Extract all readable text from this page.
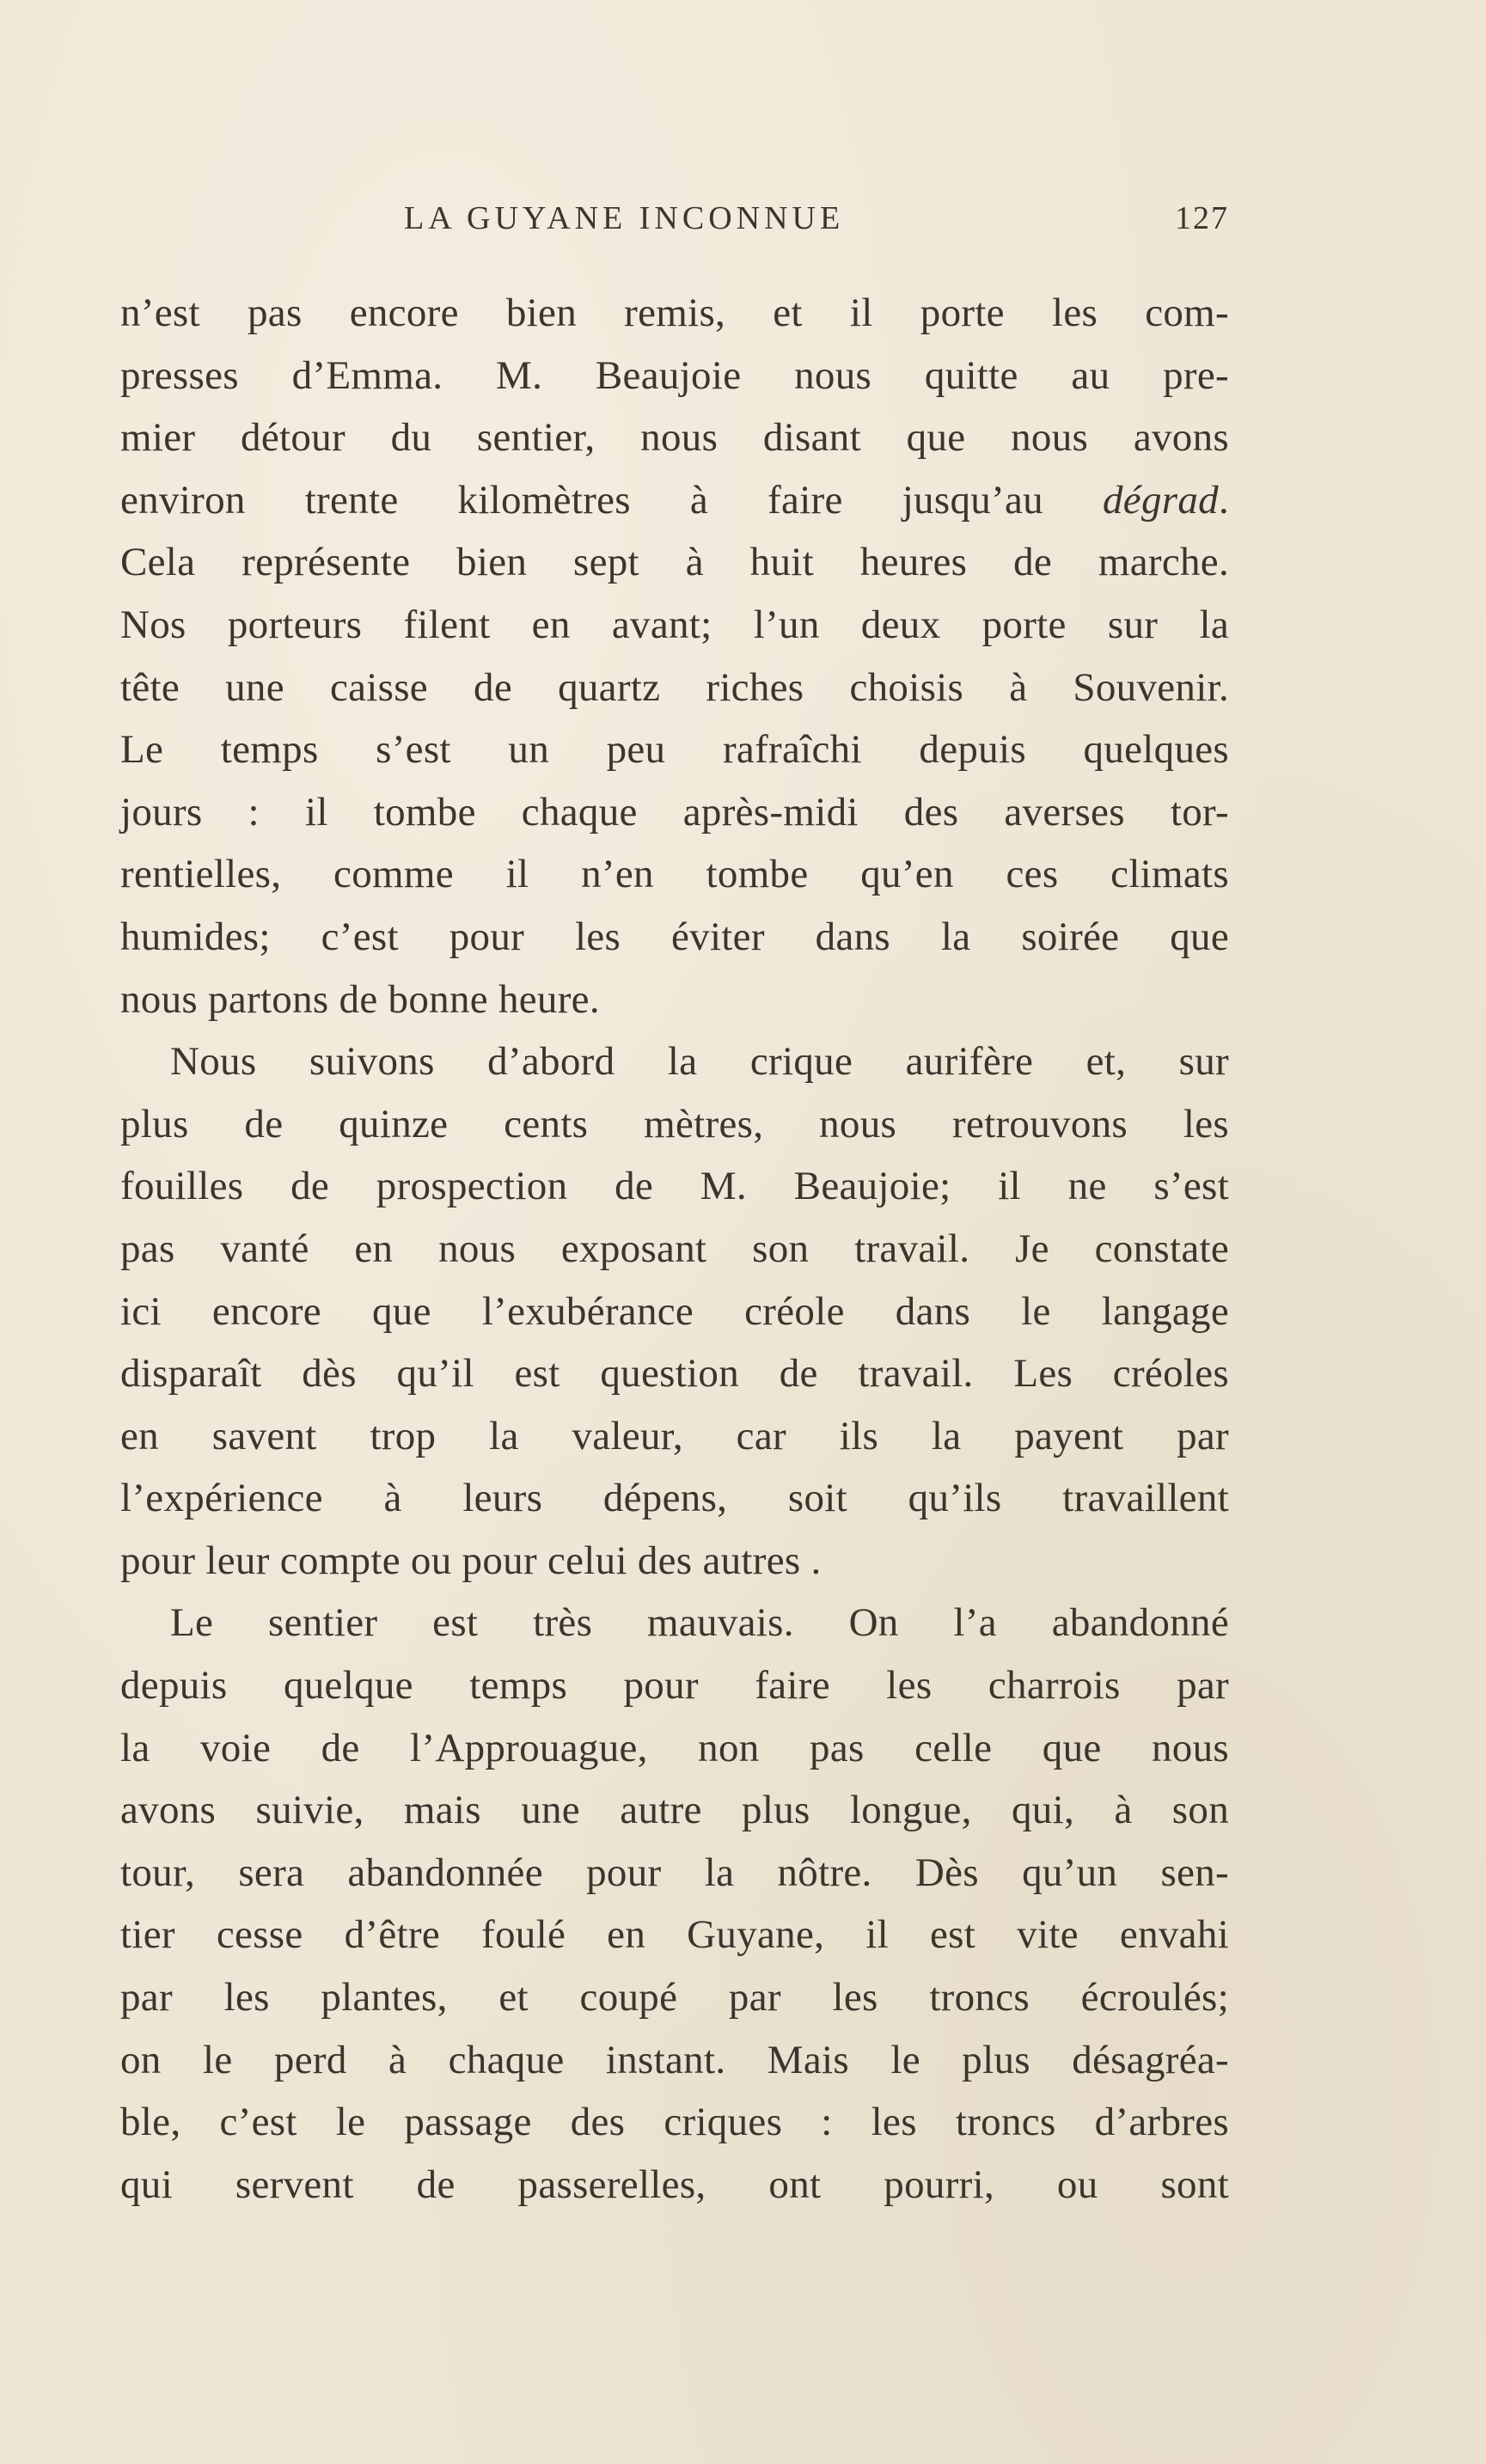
LA GUYANE INCONNUE	127
n’est pas encore bien remis, et il porte les com-
presses d’Emma. M. Beaujoie nous quitte au pre-
mier détour du sentier, nous disant que nous avons
environ trente kilomètres à faire jusqu’au dégrad.
Cela représente bien sept à huit heures de marche.
Nos porteurs filent en avant; l’un deux porte sur la
tête une caisse de quartz riches choisis à Souvenir.
Le temps s’est un peu rafraîchi depuis quelques
jours : il tombe chaque après-midi des averses tor-
rentielles, comme il n’en tombe qu’en ces climats
humides; c’est pour les éviter dans la soirée que
nous partons de bonne heure.
Nous suivons d’abord la crique aurifère et, sur
plus de quinze cents mètres, nous retrouvons les
fouilles de prospection de M. Beaujoie; il ne s’est
pas vanté en nous exposant son travail. Je constate
ici encore que l’exubérance créole dans le langage
disparaît dès qu’il est question de travail. Les créoles
en savent trop la valeur, car ils la payent par
l’expérience à leurs dépens, soit qu’ils travaillent
pour leur compte ou pour celui des autres .
Le sentier est très mauvais. On l’a abandonné
depuis quelque temps pour faire les charrois par
la voie de l’Approuague, non pas celle que nous
avons suivie, mais une autre plus longue, qui, à son
tour, sera abandonnée pour la nôtre. Dès qu’un sen-
tier cesse d’être foulé en Guyane, il est vite envahi
par les plantes, et coupé par les troncs écroulés;
on le perd à chaque instant. Mais le plus désagréa-
ble, c’est le passage des criques : les troncs d’arbres
qui servent de passerelles, ont pourri, ou sont
